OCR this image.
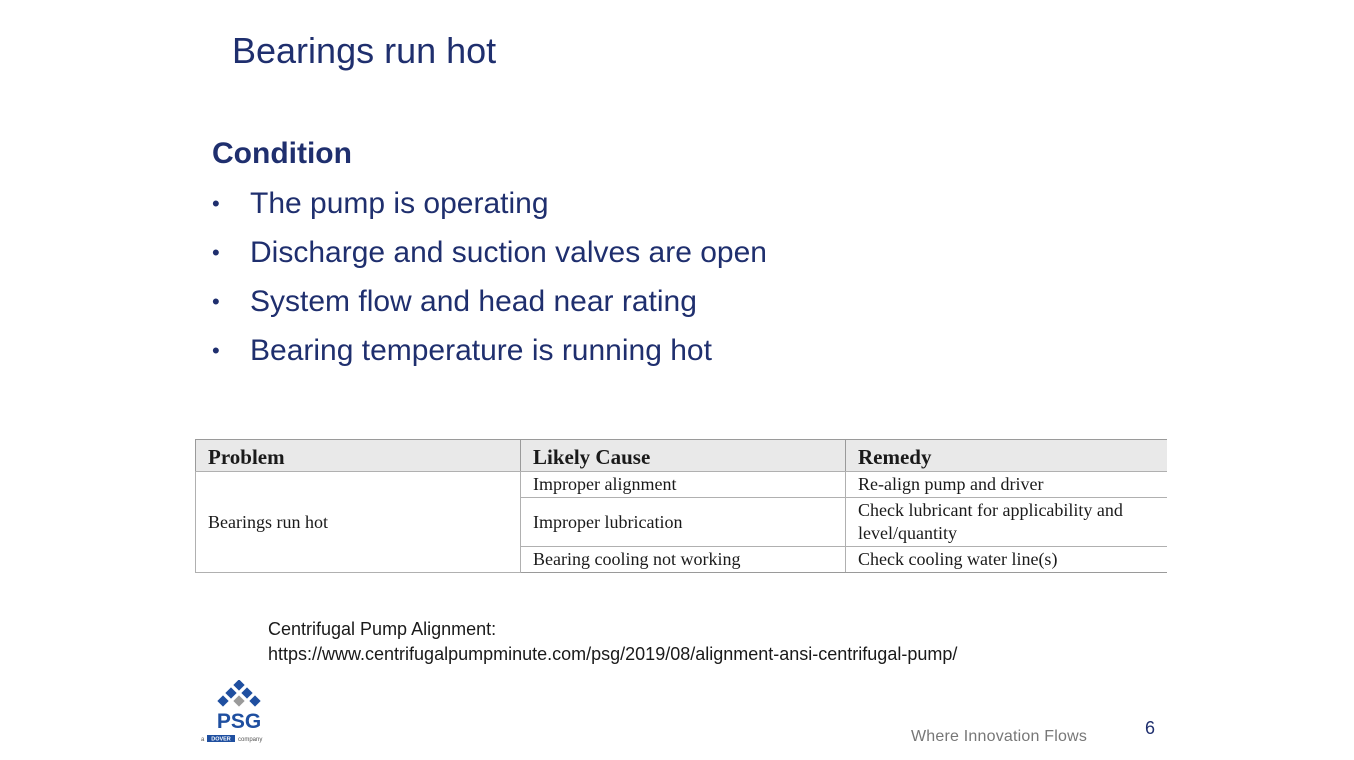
Bearings run hot
Condition
•	The pump is operating
•	Discharge and suction valves are open
•	System flow and head near rating
•	Bearing temperature is running hot
Problem	Likely Cause	Remedy
Bearings run hot	Improper alignment	Re-align pump and driver
	Improper lubrication	Check lubricant for applicability and level/quantity
	Bearing cooling not working	Check cooling water line(s)
Centrifugal Pump Alignment:
https://www.centrifugalpumpminute.com/psg/2019/08/alignment-ansi-centrifugal-pump/
PSG
a DOVER company	Where Innovation Flows	6
